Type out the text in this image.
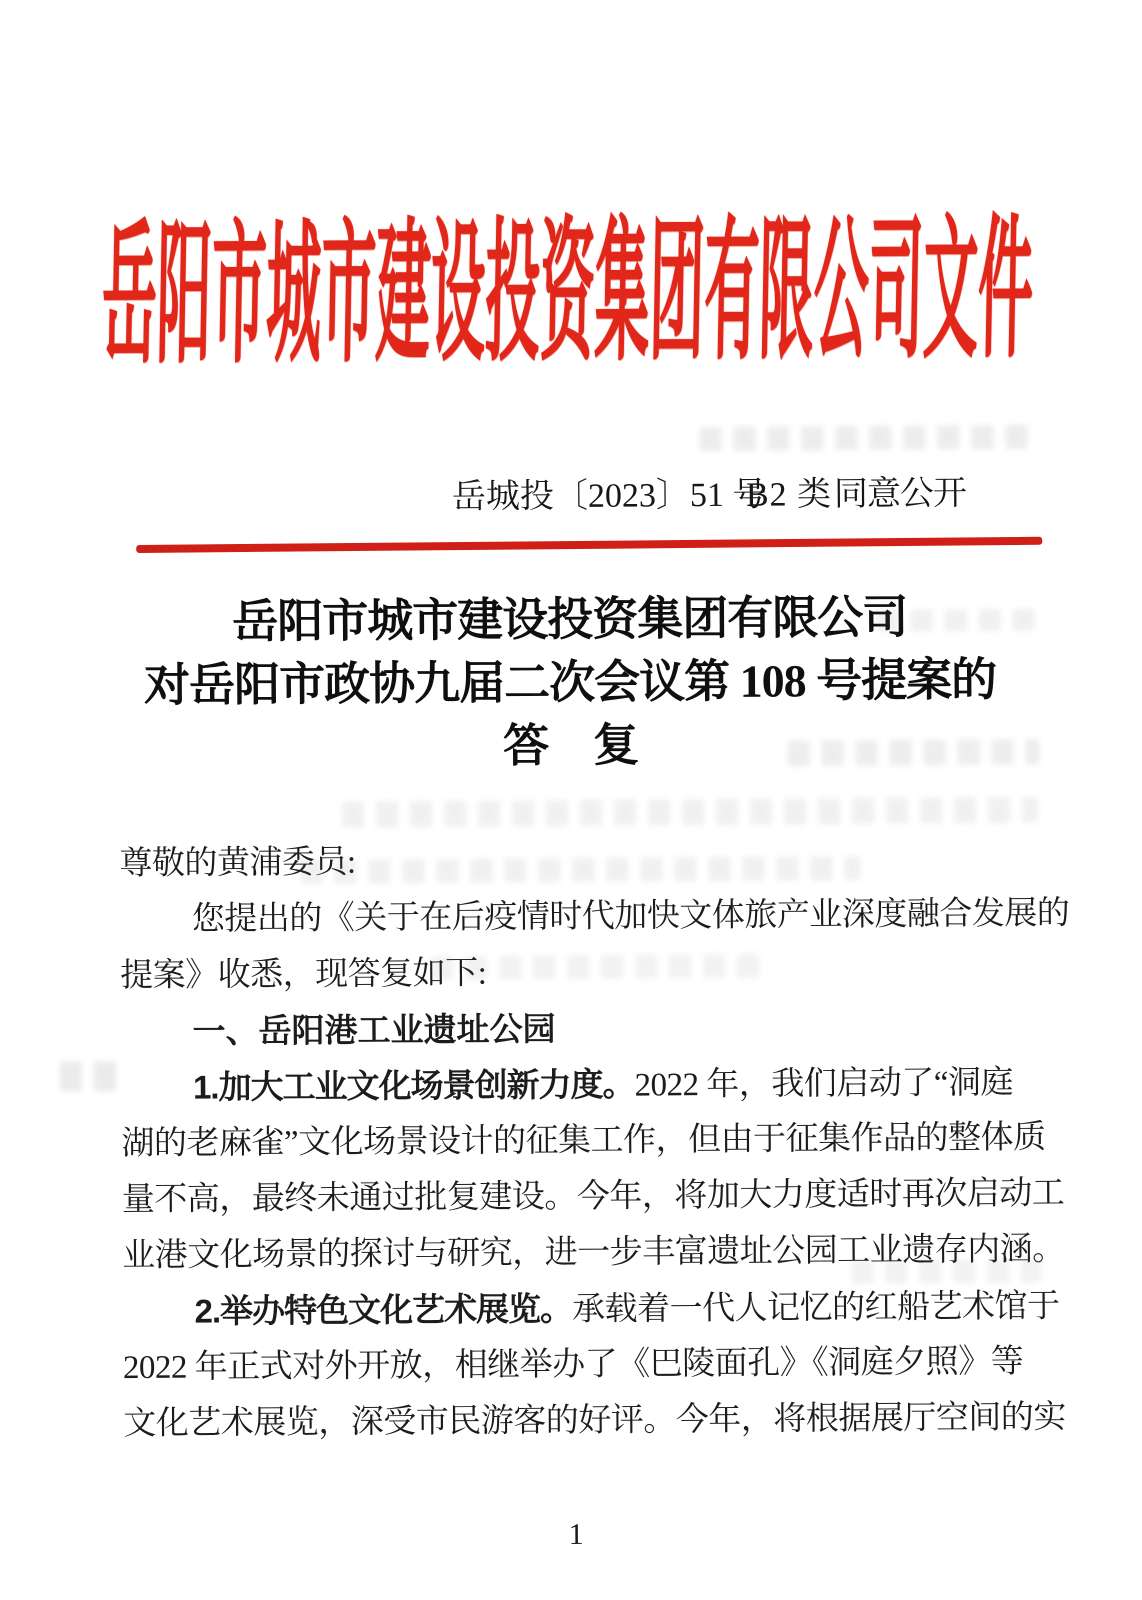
岳阳市城市建设投资集团有限公司文件
岳城投〔2023〕51 号
B2 类 同意公开
岳阳市城市建设投资集团有限公司
对岳阳市政协九届二次会议第 108 号提案的
答　复
尊敬的黄浦委员:
您提出的《关于在后疫情时代加快文体旅产业深度融合发展的
提案》收悉，现答复如下:
一、岳阳港工业遗址公园
1.加大工业文化场景创新力度。2022 年，我们启动了“洞庭
湖的老麻雀”文化场景设计的征集工作，但由于征集作品的整体质
量不高，最终未通过批复建设。今年，将加大力度适时再次启动工
业港文化场景的探讨与研究，进一步丰富遗址公园工业遗存内涵。
2.举办特色文化艺术展览。承载着一代人记忆的红船艺术馆于
2022 年正式对外开放，相继举办了《巴陵面孔》《洞庭夕照》等
文化艺术展览，深受市民游客的好评。今年，将根据展厅空间的实
1
